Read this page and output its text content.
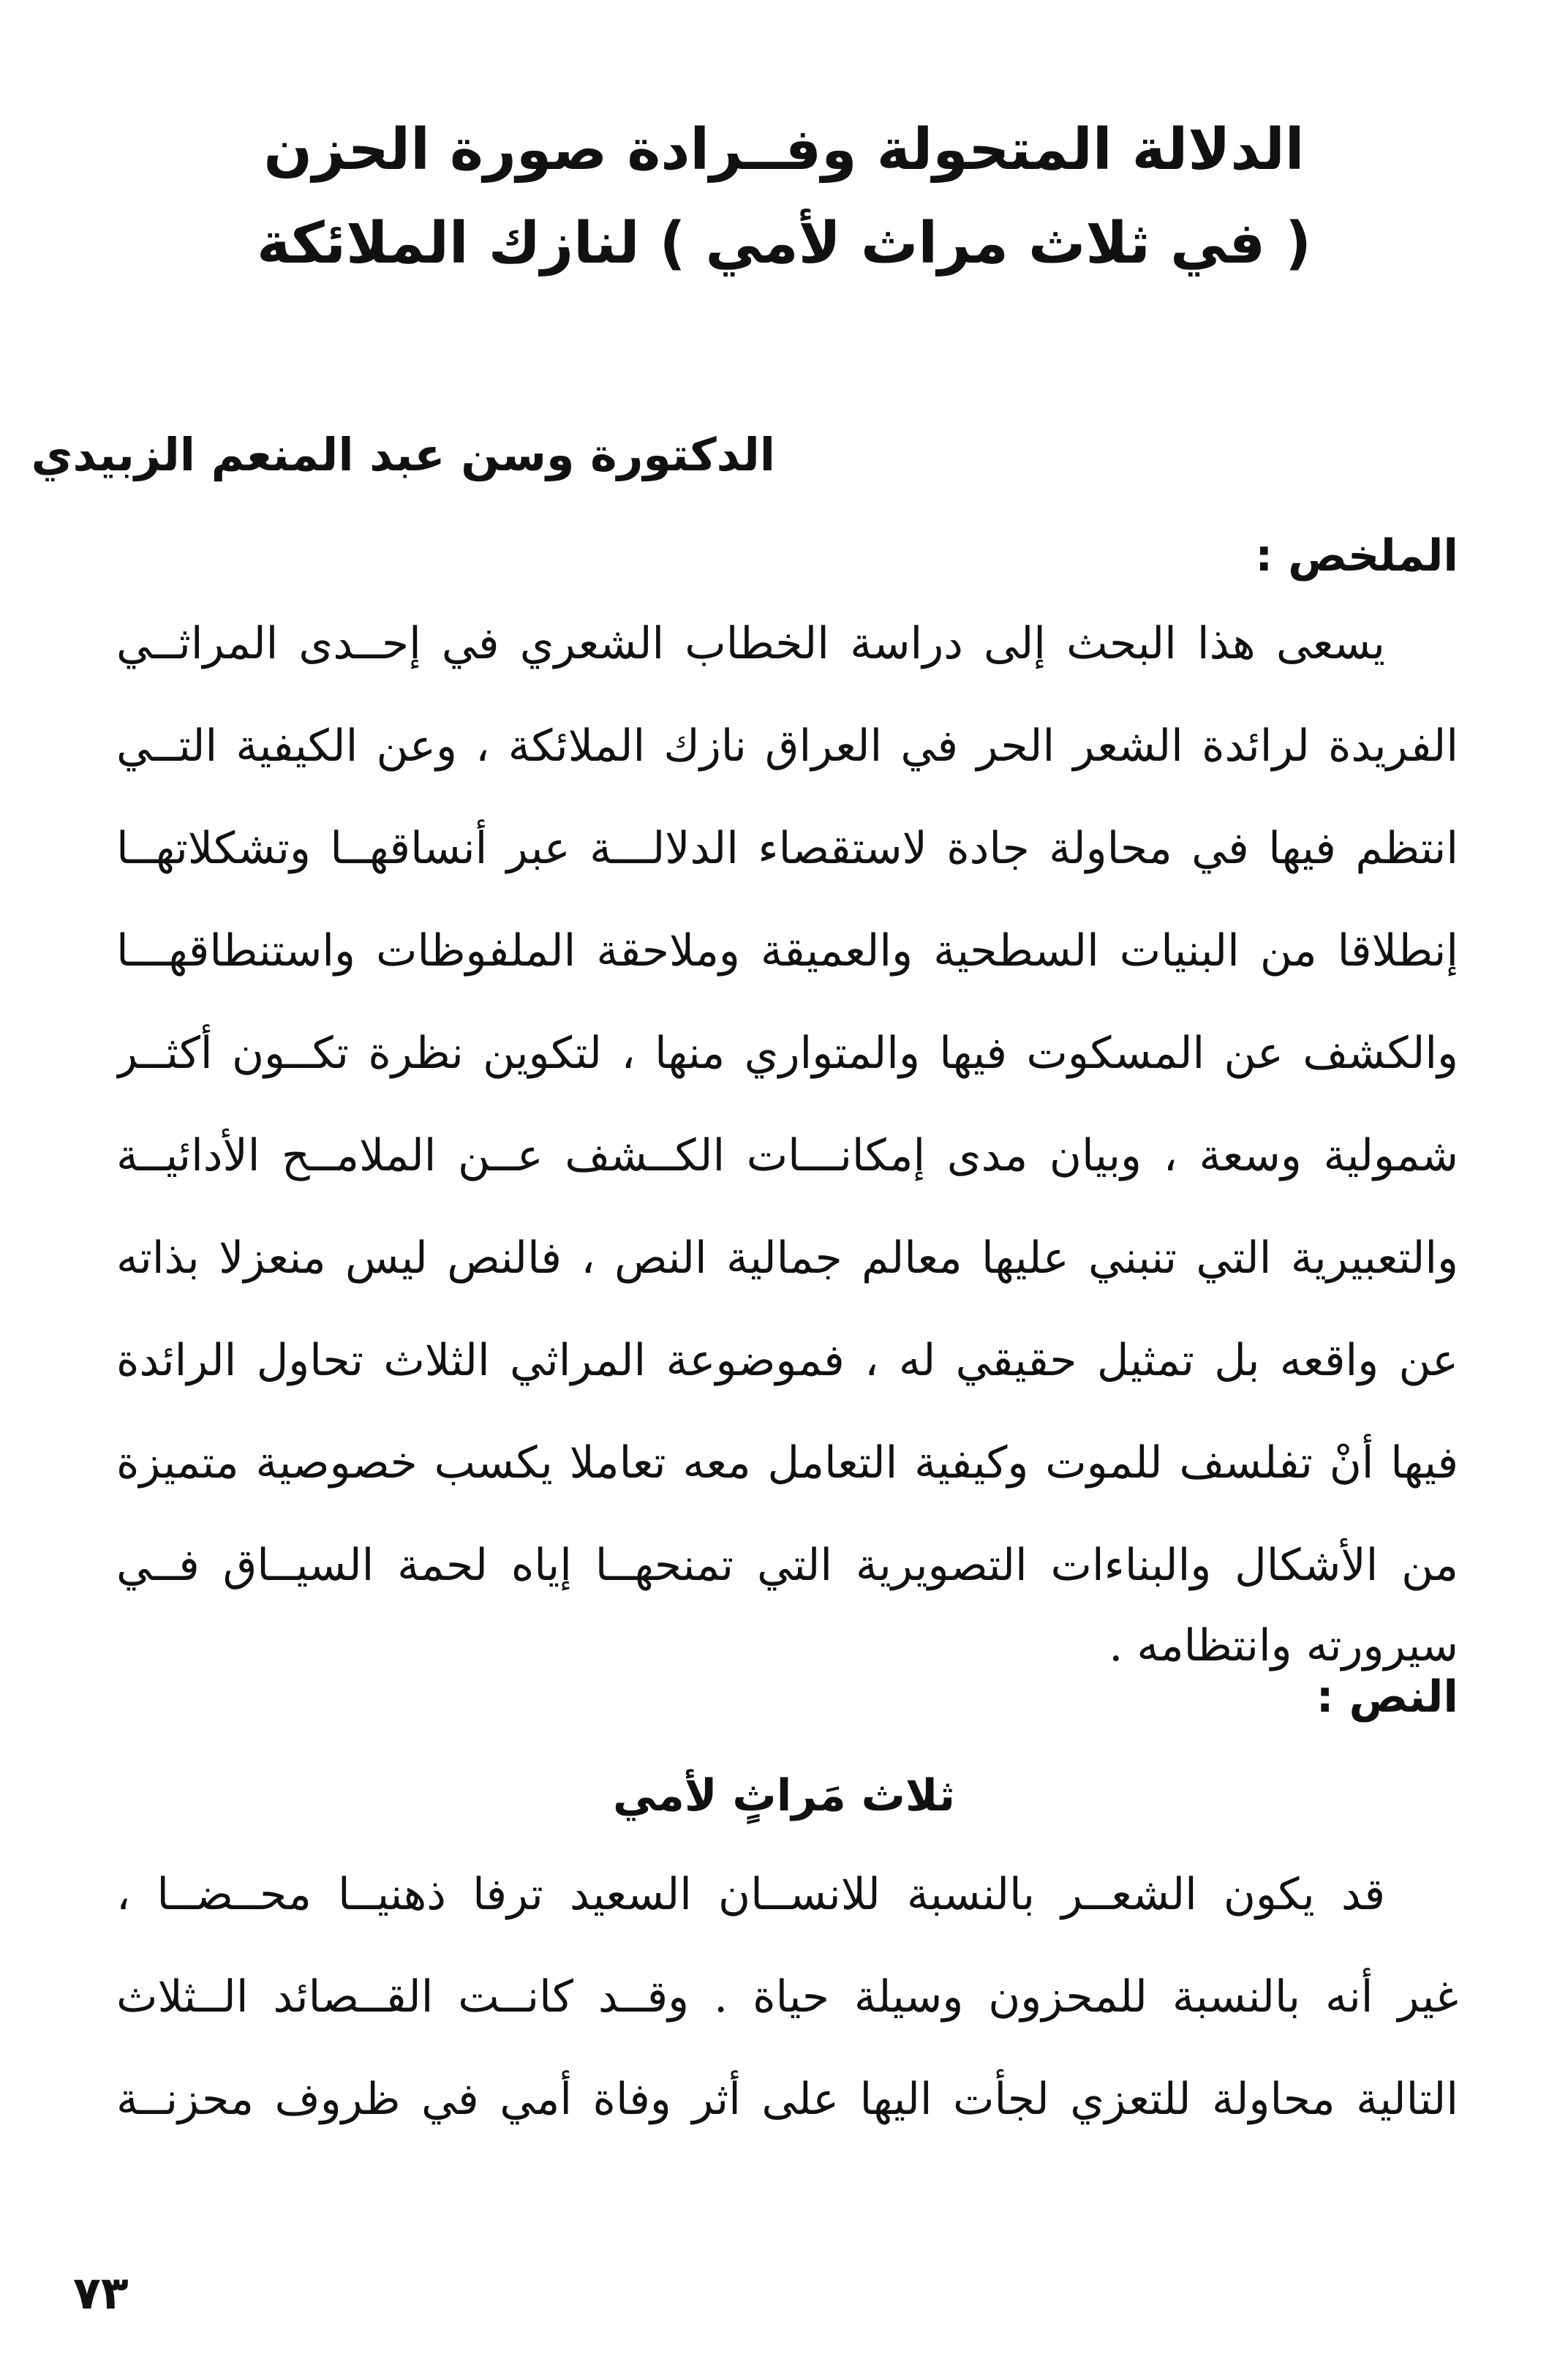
الدلالة المتحولة وفــرادة صورة الحزن
( في ثلاث مراث لأمي ) لنازك الملائكة
الدكتورة وسن عبد المنعم الزبيدي
الملخص :
يسعى هذا البحث إلى دراسة الخطاب الشعري في إحــدى المراثــي
الفريدة لرائدة الشعر الحر في العراق نازك الملائكة ، وعن الكيفية التــي
انتظم فيها في محاولة جادة لاستقصاء الدلالـــة عبر أنساقهــا وتشكلاتهــا
إنطلاقا من البنيات السطحية والعميقة وملاحقة الملفوظات واستنطاقهـــا
والكشف عن المسكوت فيها والمتواري منها ، لتكوين نظرة تكــون أكثــر
شمولية وسعة ، وبيان مدى إمكانـــات الكــشف عــن الملامــح الأدائيــة
والتعبيرية التي تنبني عليها معالم جمالية النص ، فالنص ليس منعزلا بذاته
عن واقعه بل تمثيل حقيقي له ، فموضوعة المراثي الثلاث تحاول الرائدة
فيها أنْ تفلسف للموت وكيفية التعامل معه تعاملا يكسب خصوصية متميزة
من الأشكال والبناءات التصويرية التي تمنحهــا إياه لحمة السيــاق فــي
سيرورته وانتظامه .
النص :
ثلاث مَراثٍ لأمي
قد يكون الشعــر بالنسبة للانســان السعيد ترفا ذهنيــا محــضــا ،
غير أنه بالنسبة للمحزون وسيلة حياة . وقــد كانــت القــصائد الــثلاث
التالية محاولة للتعزي لجأت اليها على أثر وفاة أمي في ظروف محزنــة
٧٣
